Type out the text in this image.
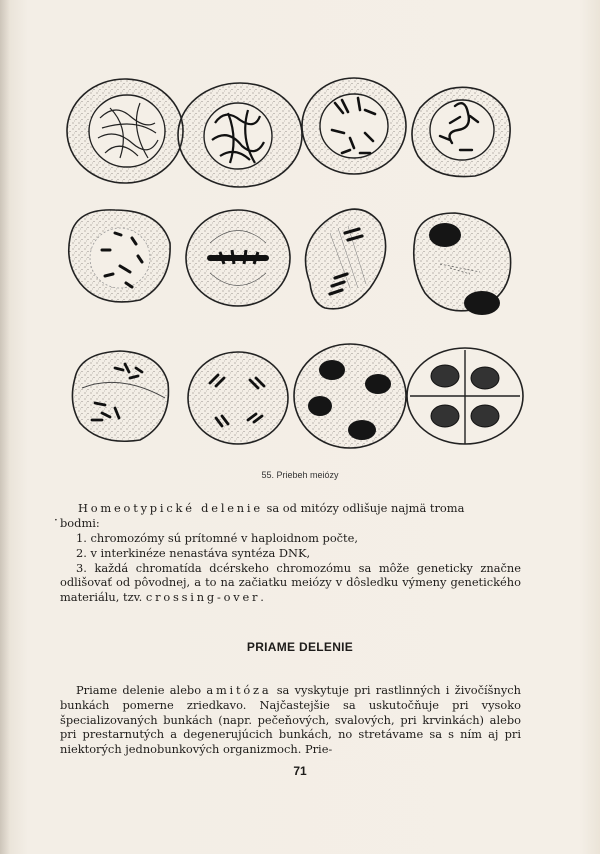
55. Priebeh meiózy
Homeotypické delenie sa od mitózy odlišuje najmä troma
· bodmi:
1. chromozómy sú prítomné v haploidnom počte,
2. v interkinéze nenastáva syntéza DNK,
3. každá chromatída dcérskeho chromozómu sa môže geneticky značne odlišovať od pôvodnej, a to na začiatku meiózy v dôsledku výmeny genetického materiálu, tzv. crossing-over.
PRIAME DELENIE
Priame delenie alebo amitóza sa vyskytuje pri rastlinných i živočíšnych bunkách pomerne zriedkavo. Najčastejšie sa uskutočňuje pri vysoko špecializovaných bunkách (napr. pečeňových, svalových, pri krvinkách) alebo pri prestarnutých a degenerujúcich bunkách, no stretávame sa s ním aj pri niektorých jednobunkových organizmoch. Prie-
71
